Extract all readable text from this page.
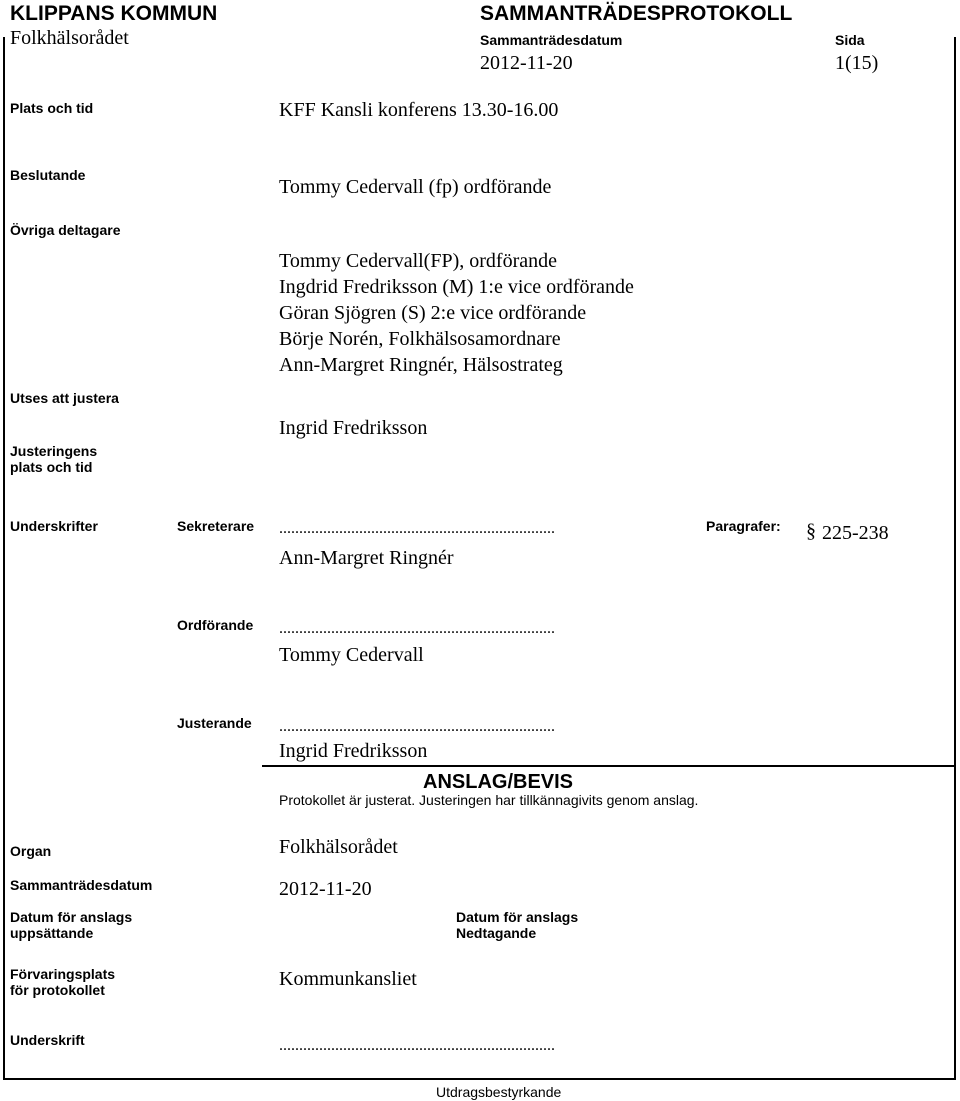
KLIPPANS KOMMUN
Folkhälsorådet
SAMMANTRÄDESPROTOKOLL
Sammanträdesdatum	Sida
2012-11-20	1(15)
Plats och tid	KFF Kansli konferens 13.30-16.00
Beslutande
Tommy Cedervall (fp) ordförande
Övriga deltagare
Tommy Cedervall(FP), ordförande
Ingdrid Fredriksson (M) 1:e vice ordförande
Göran Sjögren (S) 2:e vice ordförande
Börje Norén, Folkhälsosamordnare
Ann-Margret Ringnér, Hälsostrateg
Utses att justera
Justeringens
plats och tid
Ingrid Fredriksson
Underskrifter	Sekreterare .....................................................................
Ann-Margret Ringnér
Paragrafer: § 225-238
Ordförande .....................................................................
Tommy Cedervall
Justerande .....................................................................
Ingrid Fredriksson
ANSLAG/BEVIS
Protokollet är justerat. Justeringen har tillkännagivits genom anslag.
Organ	Folkhälsorådet
Sammanträdesdatum	2012-11-20
Datum för anslags
uppsättande
Datum för anslags
Nedtagande
Förvaringsplats
för protokollet	Kommunkansliet
Underskrift	.....................................................................
Utdragsbestyrkande
